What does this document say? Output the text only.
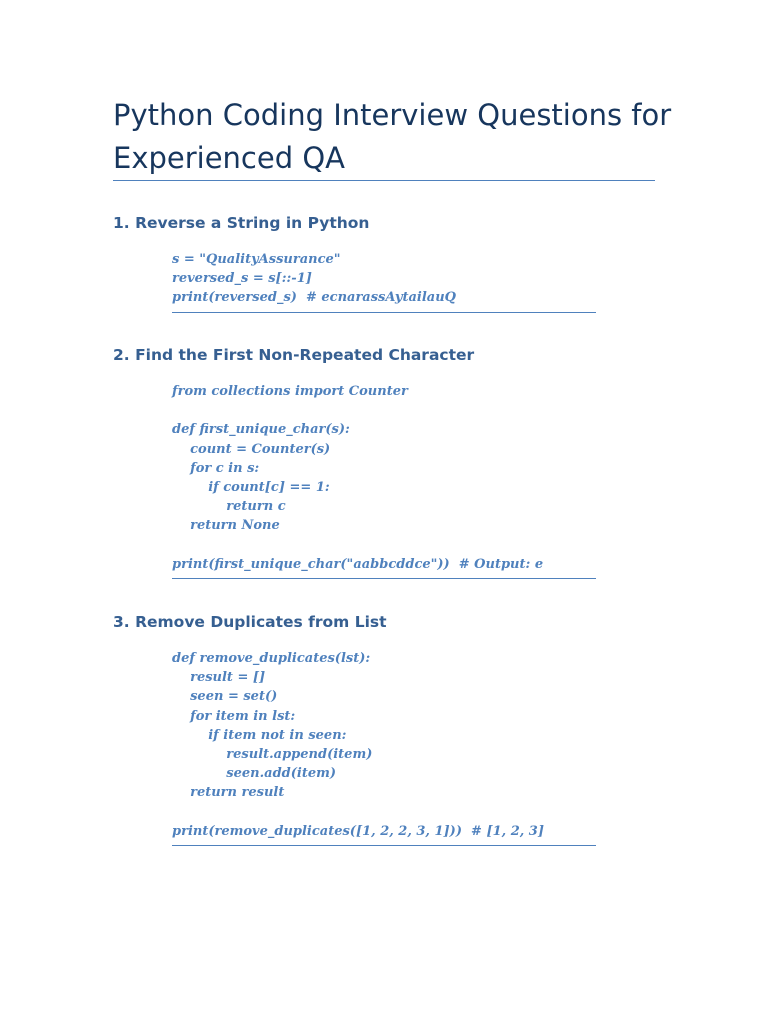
Python Coding Interview Questions for Experienced QA
1. Reverse a String in Python
s = "QualityAssurance"
reversed_s = s[::-1]
print(reversed_s)  # ecnarassAytailauQ
2. Find the First Non-Repeated Character
from collections import Counter
def first_unique_char(s):
count = Counter(s)
for c in s:
if count[c] == 1:
return c
return None
print(first_unique_char("aabbcddce"))  # Output: e
3. Remove Duplicates from List
def remove_duplicates(lst):
result = []
seen = set()
for item in lst:
if item not in seen:
result.append(item)
seen.add(item)
return result
print(remove_duplicates([1, 2, 2, 3, 1]))  # [1, 2, 3]
